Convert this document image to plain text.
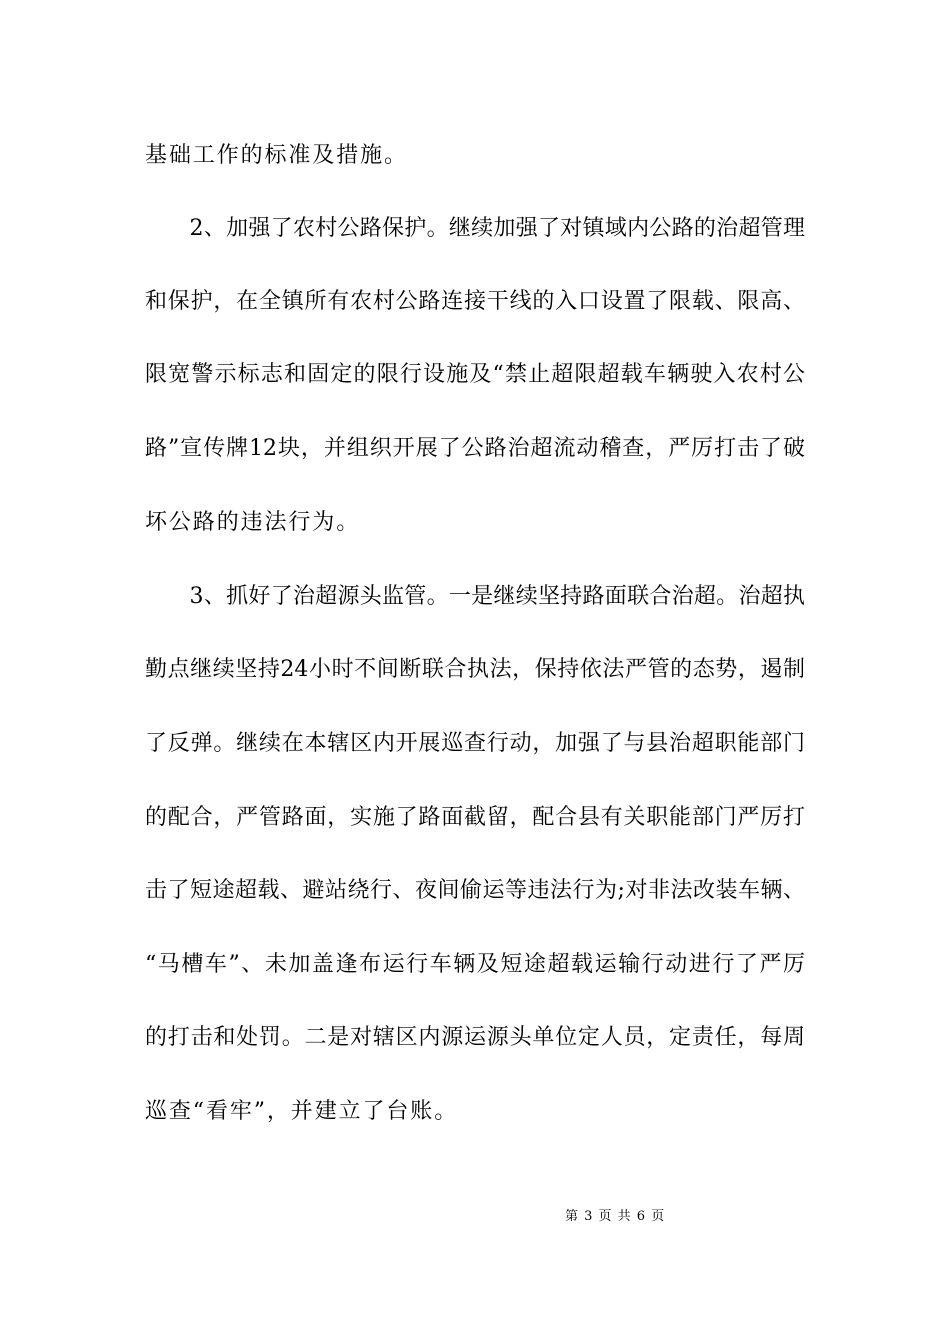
基础工作的标准及措施。
　　2、加强了农村公路保护。继续加强了对镇域内公路的治超管理
和保护，在全镇所有农村公路连接干线的入口设置了限载、限高、
限宽警示标志和固定的限行设施及“禁止超限超载车辆驶入农村公
路”宣传牌12块，并组织开展了公路治超流动稽查，严厉打击了破
坏公路的违法行为。
　　3、抓好了治超源头监管。一是继续坚持路面联合治超。治超执
勤点继续坚持24小时不间断联合执法，保持依法严管的态势，遏制
了反弹。继续在本辖区内开展巡查行动，加强了与县治超职能部门
的配合，严管路面，实施了路面截留，配合县有关职能部门严厉打
击了短途超载、避站绕行、夜间偷运等违法行为;对非法改装车辆、
“马槽车”、未加盖逢布运行车辆及短途超载运输行动进行了严厉
的打击和处罚。二是对辖区内源运源头单位定人员，定责任，每周
巡查“看牢”，并建立了台账。
第 3 页 共 6 页
